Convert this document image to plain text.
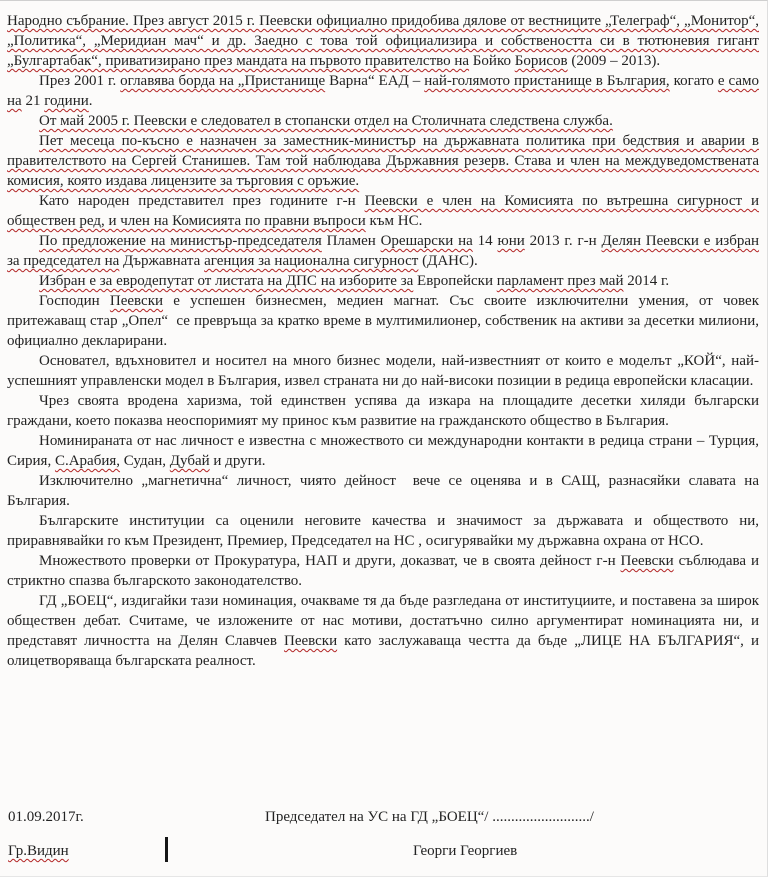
Народно събрание. През август 2015 г. Пеевски официално придобива дялове от вестниците „Телеграф“, „Монитор“, „Политика“, „Меридиан мач“ и др. Заедно с това той официализира и собствеността си в тютюневия гигант „Булгартабак“, приватизирано през мандата на първото правителство на Бойко Борисов (2009 – 2013).

През 2001 г. оглавява борда на „Пристанище Варна“ ЕАД – най-голямото пристанище в България, когато е само на 21 години.

От май 2005 г. Пеевски е следовател в стопански отдел на Столичната следствена служба.

Пет месеца по-късно е назначен за заместник-министър на държавната политика при бедствия и аварии в правителството на Сергей Станишев. Там той наблюдава Държавния резерв. Става и член на междуведомствената комисия, която издава лицензите за търговия с оръжие.

Като народен представител през годините г-н Пеевски е член на Комисията по вътрешна сигурност и обществен ред, и член на Комисията по правни въпроси към НС.

По предложение на министър-председателя Пламен Орешарски на 14 юни 2013 г. г-н Делян Пеевски е избран за председател на Държавната агенция за национална сигурност (ДАНС).

Избран е за евродепутат от листата на ДПС на изборите за Европейски парламент през май 2014 г.

Господин Пеевски е успешен бизнесмен, медиен магнат. Със своите изключителни умения, от човек притежаващ стар „Опел“  се превръща за кратко време в мултимилионер, собственик на активи за десетки милиони, официално декларирани.

Основател, вдъхновител и носител на много бизнес модели, най-известният от които е моделът „КОЙ“, най-успешният управленски модел в България, извел страната ни до най-високи позиции в редица европейски класации.

Чрез своята вродена харизма, той единствен успява да изкара на площадите десетки хиляди български граждани, което показва неоспоримият му принос към развитие на гражданското общество в България.

Номинираната от нас личност е известна с множеството си международни контакти в редица страни – Турция, Сирия, С.Арабия, Судан, Дубай и други.

Изключително „магнетична“ личност, чиято дейност  вече се оценява и в САЩ, разнасяйки славата на България.

Българските институции са оценили неговите качества и значимост за държавата и обществото ни, приравнявайки го към Президент, Премиер, Председател на НС , осигурявайки му държавна охрана от НСО.

Множеството проверки от Прокуратура, НАП и други, доказват, че в своята дейност г-н Пеевски съблюдава и стриктно спазва българското законодателство.

ГД „БОЕЦ“, издигайки тази номинация, очакваме тя да бъде разгледана от институциите, и поставена за широк обществен дебат. Считаме, че изложените от нас мотиви, достатъчно силно аргументират номинацията ни, и представят личността на Делян Славчев Пеевски като заслужаваща честта да бъде „ЛИЦЕ НА БЪЛГАРИЯ“, и олицетворяваща българската реалност.

01.09.2017г.	Председател на УС на ГД „БОЕЦ“/ ........................../
Гр.Видин	Георги Георгиев
